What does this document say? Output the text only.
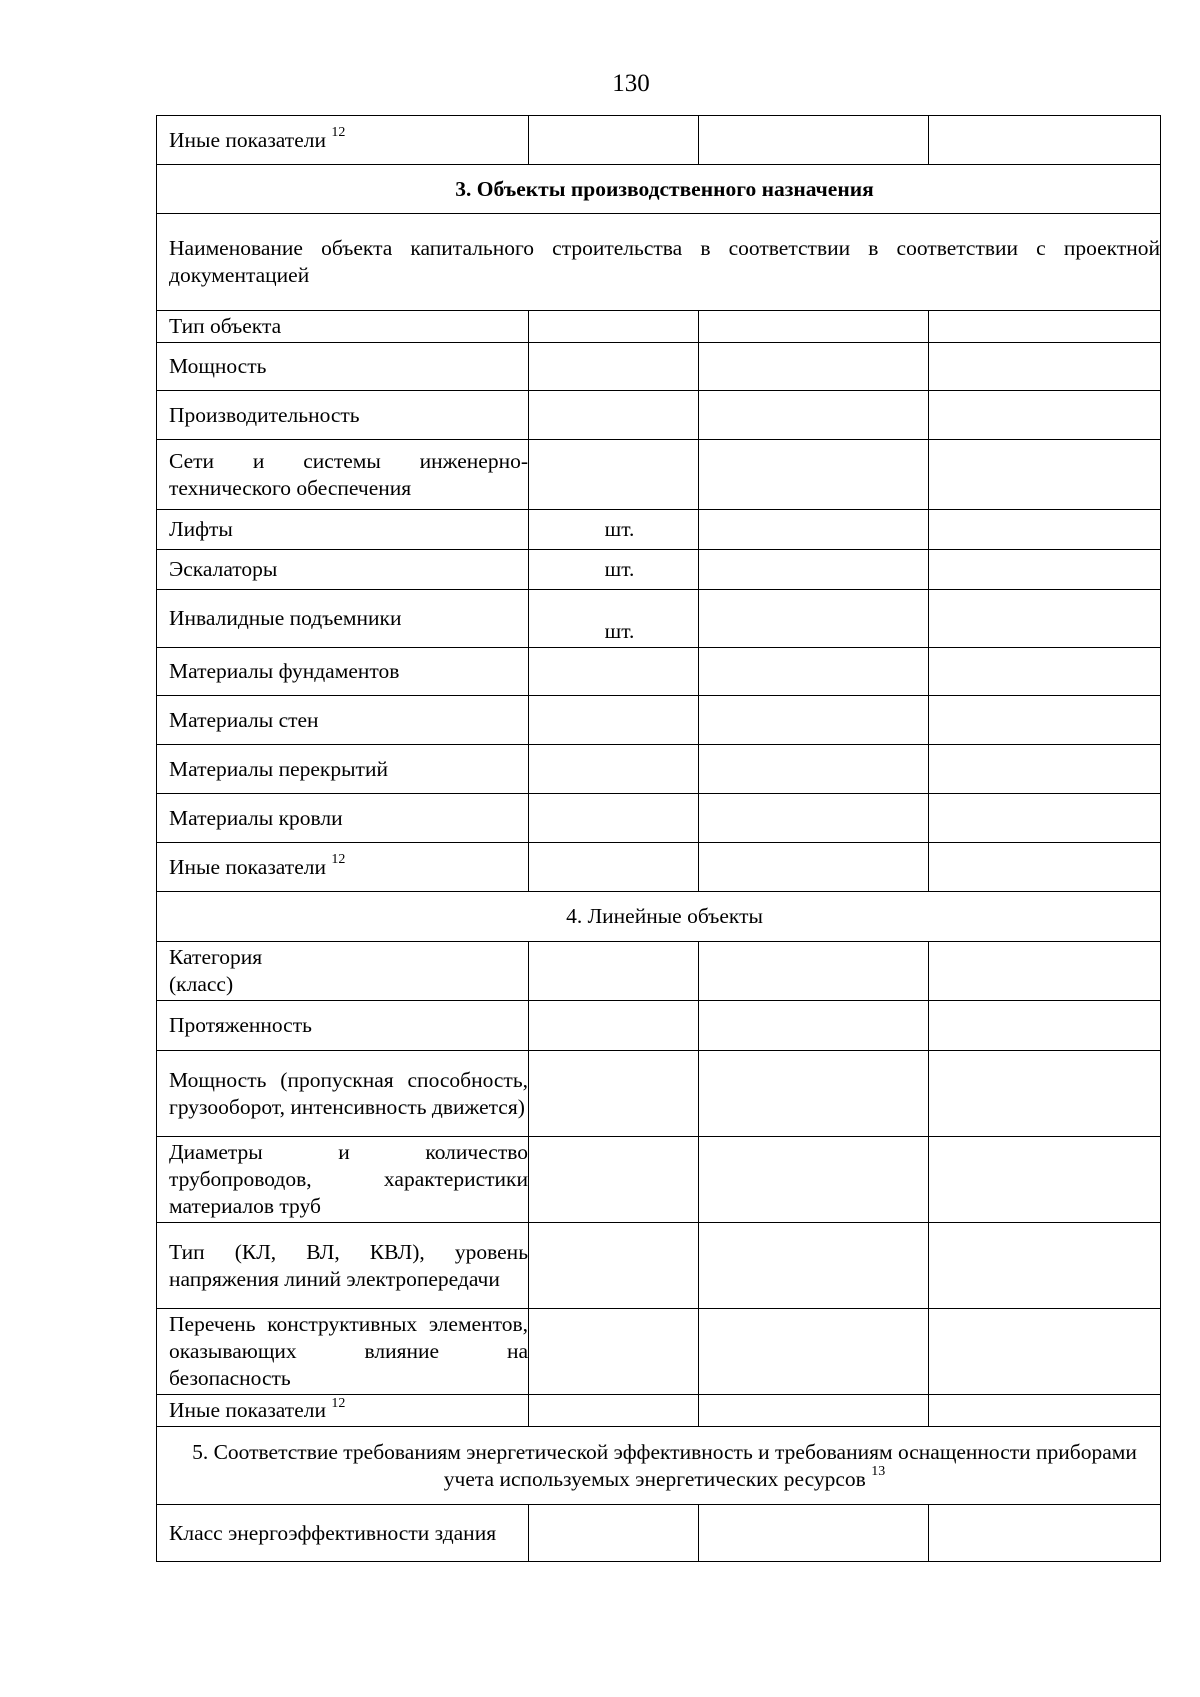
130
Иные показатели $^{12}$			
3. Объекты производственного назначения			
Наименование объекта капитального строительства в соответствии в соответствии с проектной документацией			
Тип объекта			
Мощность			
Производительность			
Сети и системы инженерно-технического обеспечения			
Лифты	шт.		
Эскалаторы	шт.		
Инвалидные подъемники	шт.		
Материалы фундаментов			
Материалы стен			
Материалы перекрытий			
Материалы кровли			
Иные показатели $^{12}$			
4. Линейные объекты			
Категория (класс)			
Протяженность			
Мощность (пропускная способность, грузооборот, интенсивность движется)			
Диаметры и количество трубопроводов, характеристики материалов труб			
Тип (КЛ, ВЛ, КВЛ), уровень напряжения линий электропередачи			
Перечень конструктивных элементов, оказывающих влияние на безопасность			
Иные показатели $^{12}$			
5. Соответствие требованиям энергетической эффективность и требованиям оснащенности приборами учета используемых энергетических ресурсов $^{13}$
Класс энергоэффективности здания			
